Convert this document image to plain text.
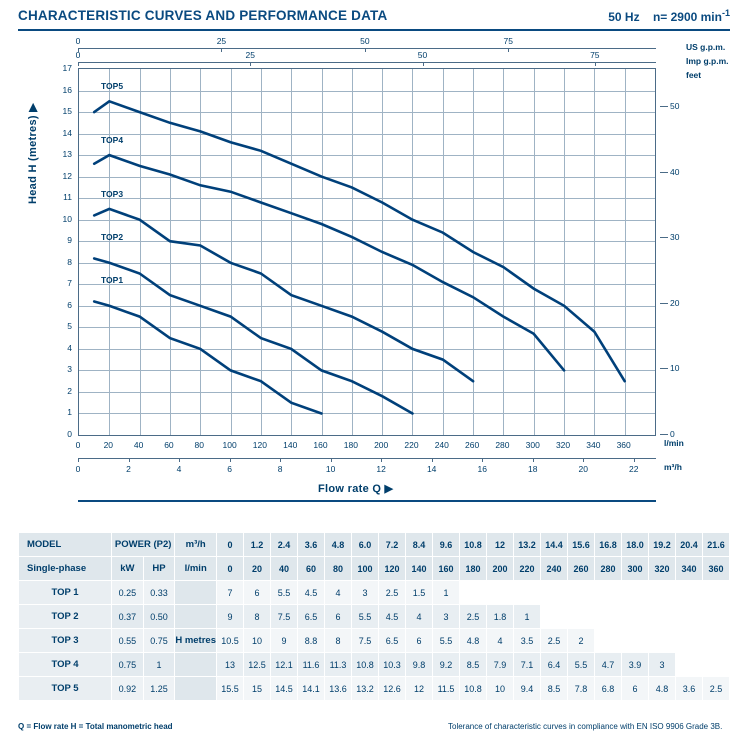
CHARACTERISTIC CURVES AND PERFORMANCE DATA	50 Hz n= 2900 $\min^{-1}$
US g.p.m.
Imp g.p.m.
feet
l/min
m³/h
0	25	50	75
0	25	50	75
TOP5
TOP4
TOP3
TOP2
TOP1
0
1
2
3
4
5
6
7
8
9
10
11
12
13
14
15
16
17
0
10
20
30
40
50
0	20	40	60	80	100	120	140	160	180	200	220	240	260	280	300	320	340	360
0	2	4	6	8	10	12	14	16	18	20	22
Head H (metres) ▶
Flow rate Q ▶
MODEL	POWER (P2)		m³/h	0	1.2	2.4	3.6	4.8	6.0	7.2	8.4	9.6	10.8	12	13.2	14.4	15.6	16.8	18.0	19.2	20.4	21.6
Single-phase	kW	HP	l/min	0	20	40	60	80	100	120	140	160	180	200	220	240	260	280	300	320	340	360
TOP 1	0.25	0.33		7	6	5.5	4.5	4	3	2.5	1.5	1										
TOP 2	0.37	0.50		9	8	7.5	6.5	6	5.5	4.5	4	3	2.5	1.8	1							
TOP 3	0.55	0.75	H metres	10.5	10	9	8.8	8	7.5	6.5	6	5.5	4.8	4	3.5	2.5	2					
TOP 4	0.75	1		13	12.5	12.1	11.6	11.3	10.8	10.3	9.8	9.2	8.5	7.9	7.1	6.4	5.5	4.7	3.9	3		
TOP 5	0.92	1.25		15.5	15	14.5	14.1	13.6	13.2	12.6	12	11.5	10.8	10	9.4	8.5	7.8	6.8	6	4.8	3.6	2.5
Q = Flow rate H = Total manometric head	Tolerance of characteristic curves in compliance with EN ISO 9906 Grade 3B.
